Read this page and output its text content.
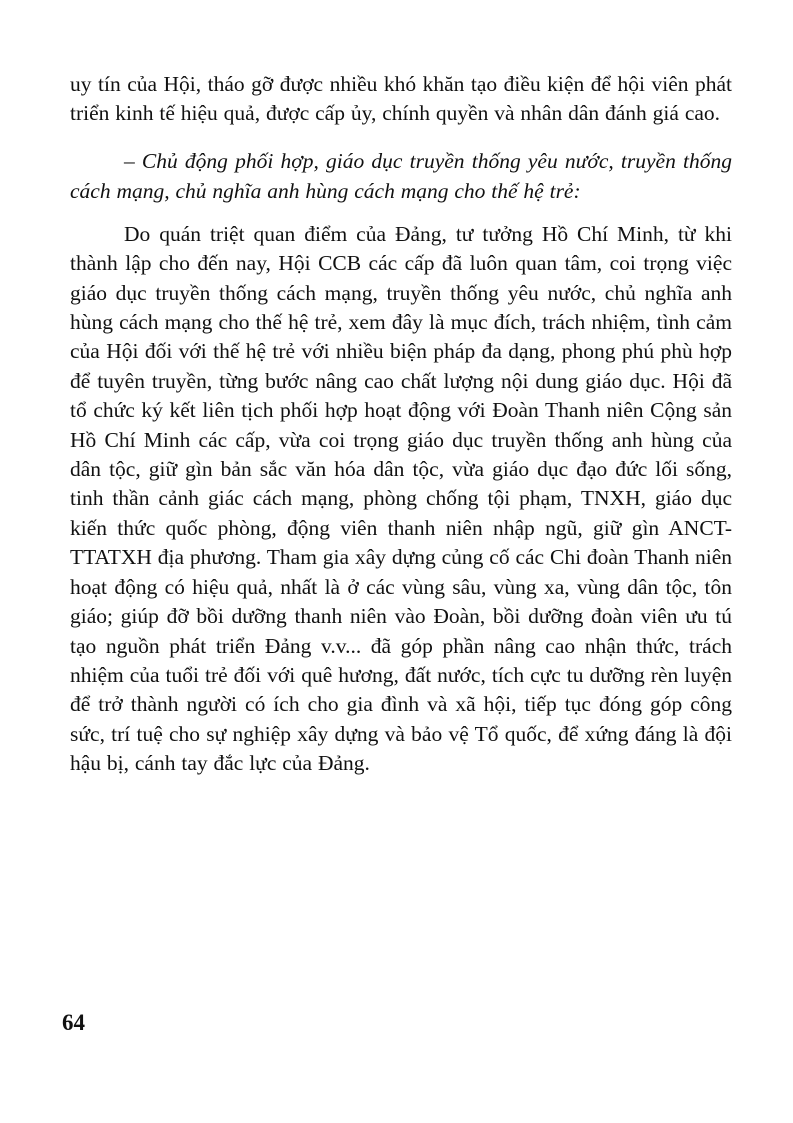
uy tín của Hội, tháo gỡ được nhiều khó khăn tạo điều kiện để hội viên phát triển kinh tế hiệu quả, được cấp ủy, chính quyền và nhân dân đánh giá cao.

– Chủ động phối hợp, giáo dục truyền thống yêu nước, truyền thống cách mạng, chủ nghĩa anh hùng cách mạng cho thế hệ trẻ:

Do quán triệt quan điểm của Đảng, tư tưởng Hồ Chí Minh, từ khi thành lập cho đến nay, Hội CCB các cấp đã luôn quan tâm, coi trọng việc giáo dục truyền thống cách mạng, truyền thống yêu nước, chủ nghĩa anh hùng cách mạng cho thế hệ trẻ, xem đây là mục đích, trách nhiệm, tình cảm của Hội đối với thế hệ trẻ với nhiều biện pháp đa dạng, phong phú phù hợp để tuyên truyền, từng bước nâng cao chất lượng nội dung giáo dục. Hội đã tổ chức ký kết liên tịch phối hợp hoạt động với Đoàn Thanh niên Cộng sản Hồ Chí Minh các cấp, vừa coi trọng giáo dục truyền thống anh hùng của dân tộc, giữ gìn bản sắc văn hóa dân tộc, vừa giáo dục đạo đức lối sống, tinh thần cảnh giác cách mạng, phòng chống tội phạm, TNXH, giáo dục kiến thức quốc phòng, động viên thanh niên nhập ngũ, giữ gìn ANCT-TTATXH địa phương. Tham gia xây dựng củng cố các Chi đoàn Thanh niên hoạt động có hiệu quả, nhất là ở các vùng sâu, vùng xa, vùng dân tộc, tôn giáo; giúp đỡ bồi dưỡng thanh niên vào Đoàn, bồi dưỡng đoàn viên ưu tú tạo nguồn phát triển Đảng v.v... đã góp phần nâng cao nhận thức, trách nhiệm của tuổi trẻ đối với quê hương, đất nước, tích cực tu dưỡng rèn luyện để trở thành người có ích cho gia đình và xã hội, tiếp tục đóng góp công sức, trí tuệ cho sự nghiệp xây dựng và bảo vệ Tổ quốc, để xứng đáng là đội hậu bị, cánh tay đắc lực của Đảng.

64
